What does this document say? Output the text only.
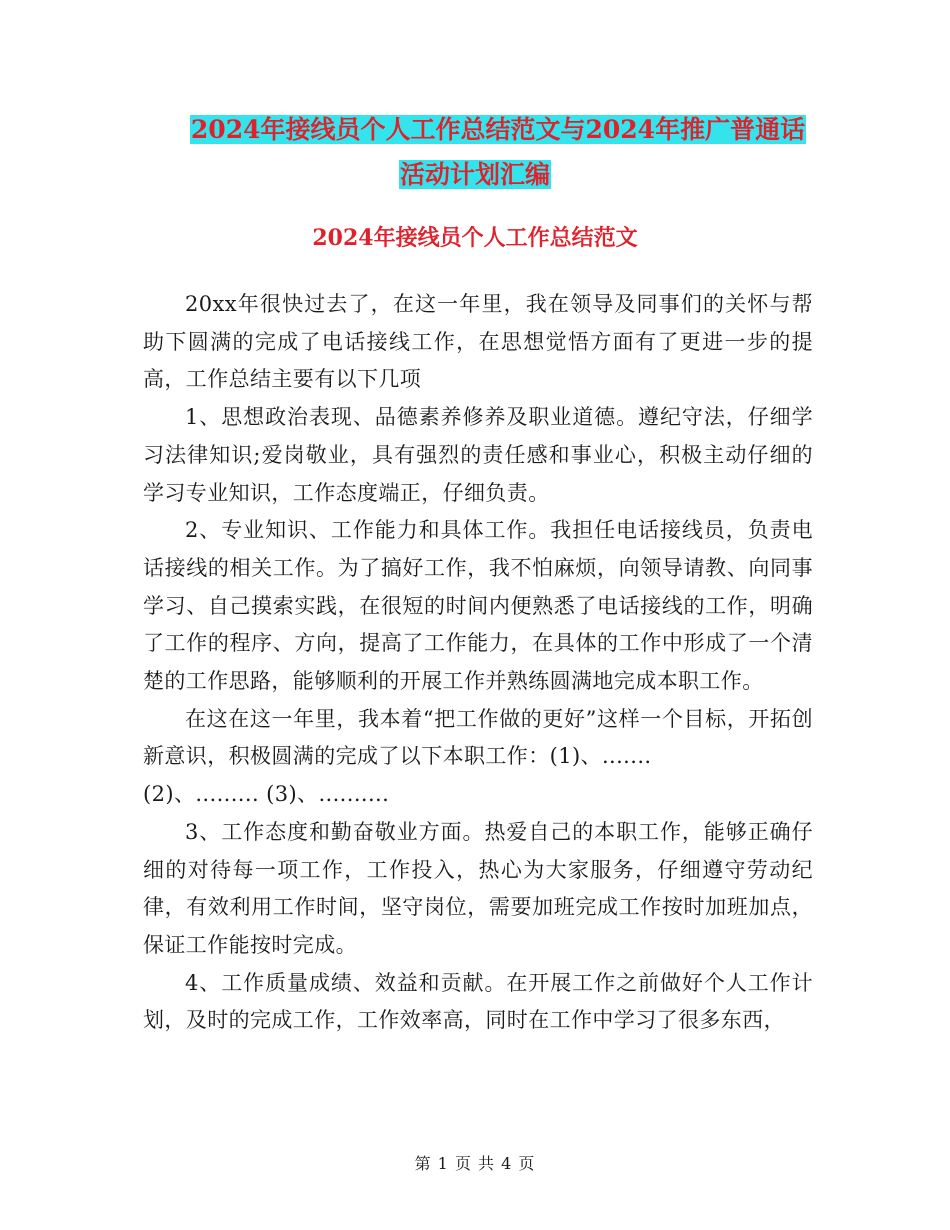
2024年接线员个人工作总结范文与2024年推广普通话
活动计划汇编
2024年接线员个人工作总结范文

20xx年很快过去了，在这一年里，我在领导及同事们的关怀与帮助下圆满的完成了电话接线工作，在思想觉悟方面有了更进一步的提高，工作总结主要有以下几项

1、思想政治表现、品德素养修养及职业道德。遵纪守法，仔细学习法律知识;爱岗敬业，具有强烈的责任感和事业心，积极主动仔细的学习专业知识，工作态度端正，仔细负责。

2、专业知识、工作能力和具体工作。我担任电话接线员，负责电话接线的相关工作。为了搞好工作，我不怕麻烦，向领导请教、向同事学习、自己摸索实践，在很短的时间内便熟悉了电话接线的工作，明确了工作的程序、方向，提高了工作能力，在具体的工作中形成了一个清楚的工作思路，能够顺利的开展工作并熟练圆满地完成本职工作。

在这在这一年里，我本着“把工作做的更好”这样一个目标，开拓创新意识，积极圆满的完成了以下本职工作：(1)、.......

(2)、......... (3)、..........

3、工作态度和勤奋敬业方面。热爱自己的本职工作，能够正确仔细的对待每一项工作，工作投入，热心为大家服务，仔细遵守劳动纪律，有效利用工作时间，坚守岗位，需要加班完成工作按时加班加点，保证工作能按时完成。

4、工作质量成绩、效益和贡献。在开展工作之前做好个人工作计划，及时的完成工作，工作效率高，同时在工作中学习了很多东西，

第 1 页 共 4 页
